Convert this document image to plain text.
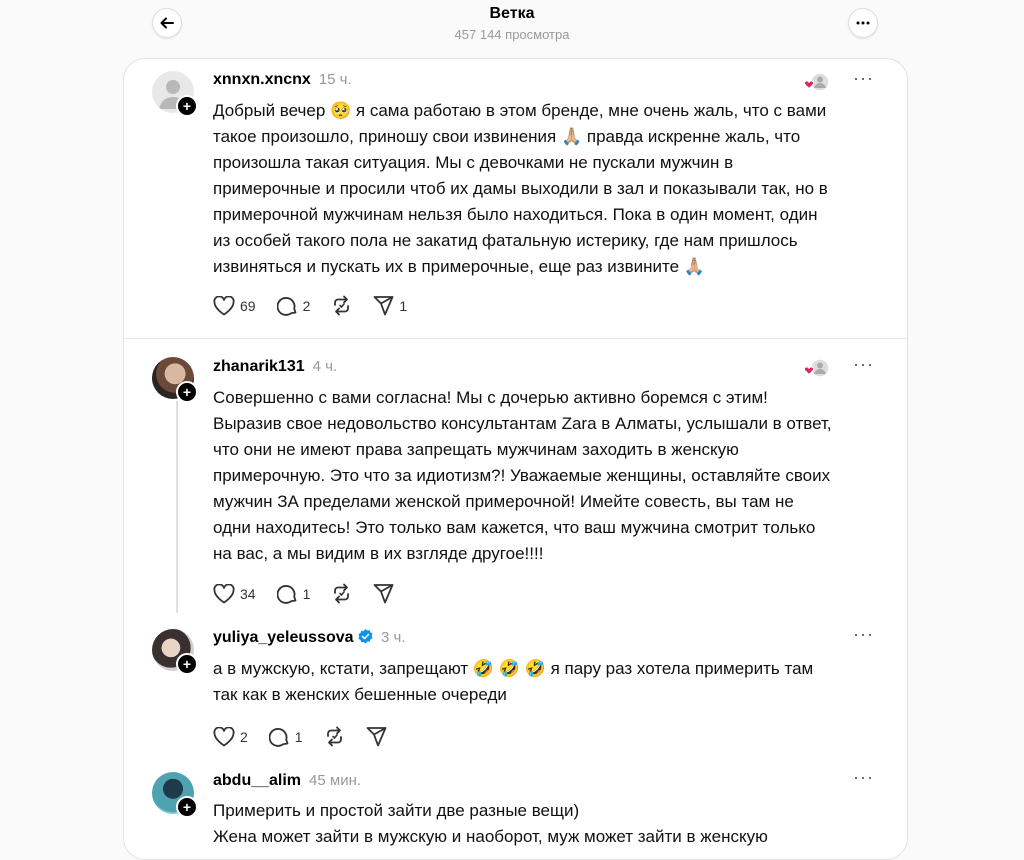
Ветка
457 144 просмотра
+
xnnxn.xncnx 15 ч.	···
Добрый вечер 🥺 я сама работаю в этом бренде, мне очень жаль, что с вами
такое произошло, приношу свои извинения 🙏🏼 правда искренне жаль, что
произошла такая ситуация. Мы с девочками не пускали мужчин в
примерочные и просили чтоб их дамы выходили в зал и показывали так, но в
примерочной мужчинам нельзя было находиться. Пока в один момент, один
из особей такого пола не закатид фатальную истерику, где нам пришлось
извиняться и пускать их в примерочные, еще раз извините 🙏🏼
69	2	1
+
zhanarik131 4 ч.	···
Совершенно с вами согласна! Мы с дочерью активно боремся с этим!
Выразив свое недовольство консультантам Zara в Алматы, услышали в ответ,
что они не имеют права запрещать мужчинам заходить в женскую
примерочную. Это что за идиотизм?! Уважаемые женщины, оставляйте своих
мужчин ЗА пределами женской примерочной! Имейте совесть, вы там не
одни находитесь! Это только вам кажется, что ваш мужчина смотрит только
на вас, а мы видим в их взгляде другое!!!!
34	1
+
yuliya_yeleussova	3 ч.	···
а в мужскую, кстати, запрещают 🤣 🤣 🤣 я пару раз хотела примерить там
так как в женских бешенные очереди
2	1
+
abdu__alim 45 мин.	···
Примерить и простой зайти две разные вещи)
Жена может зайти в мужскую и наоборот, муж может зайти в женскую
